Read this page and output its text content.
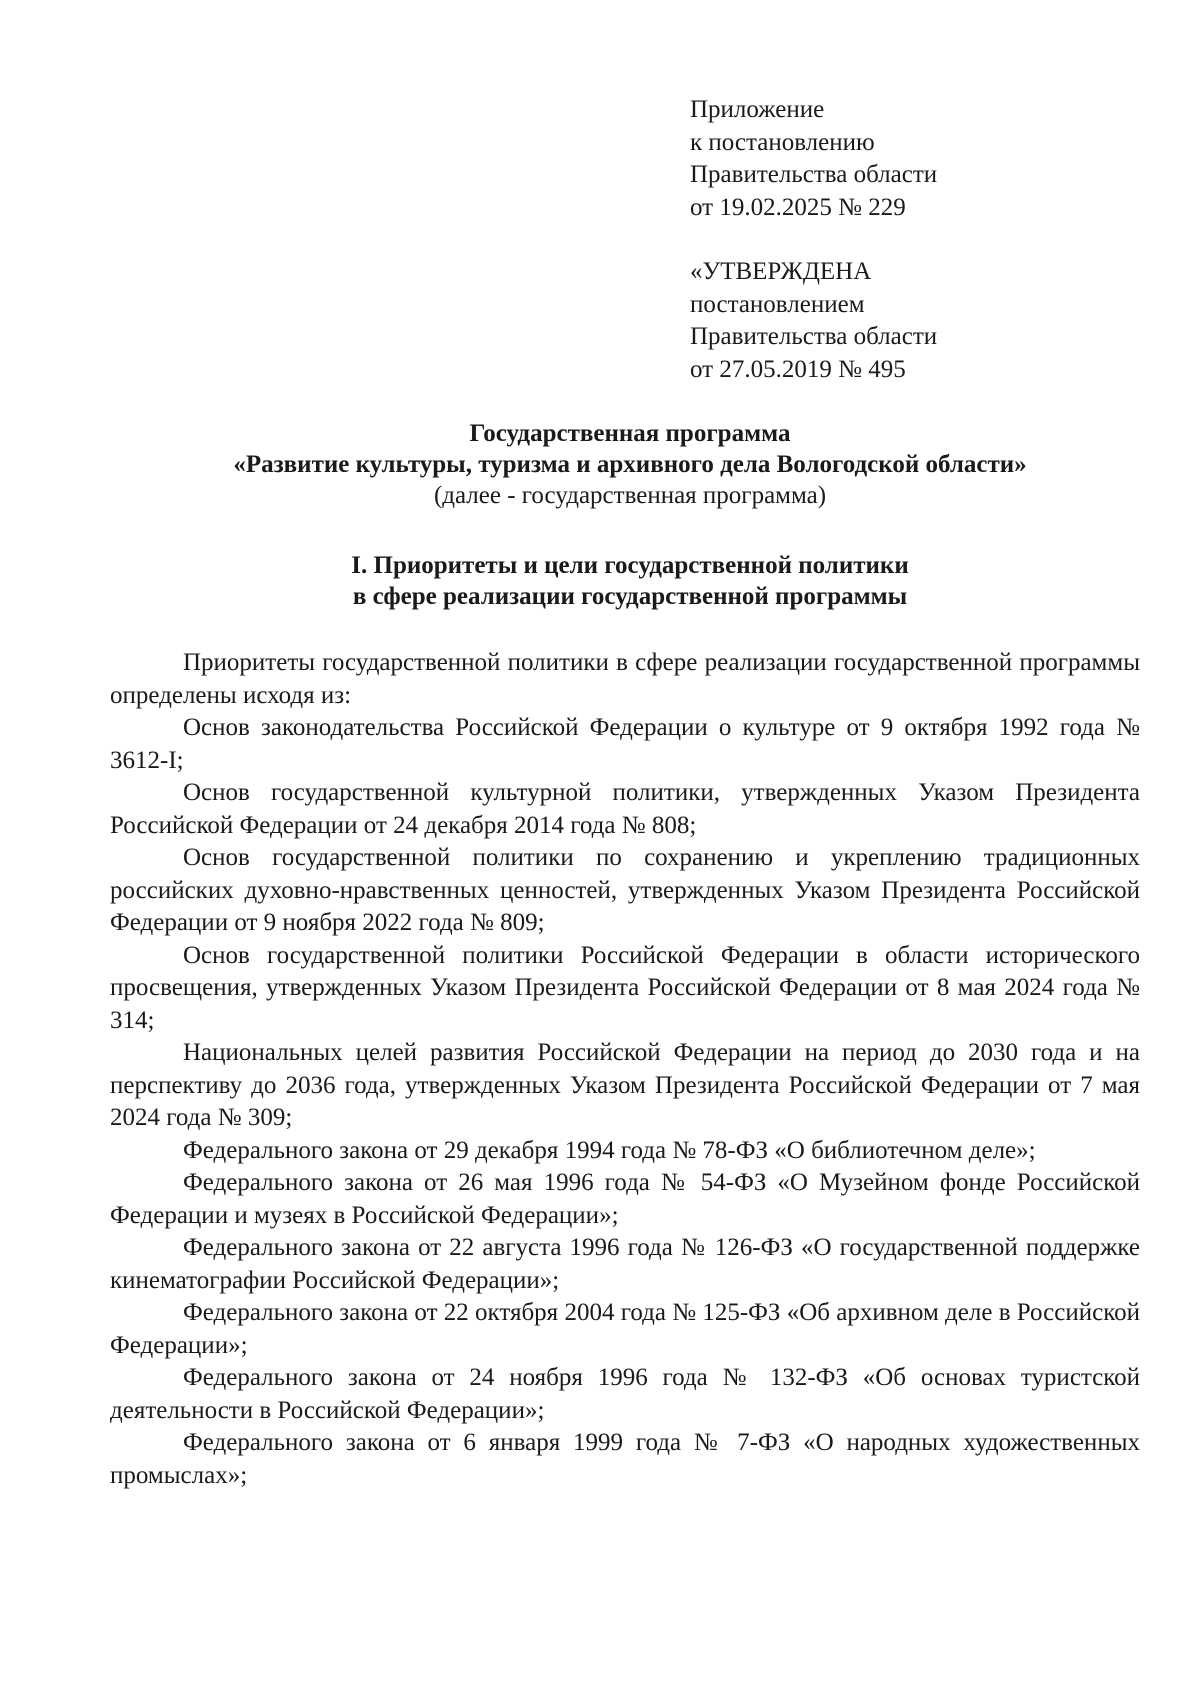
Приложение
к постановлению
Правительства области
от 19.02.2025 № 229
«УТВЕРЖДЕНА
постановлением
Правительства области
от 27.05.2019 № 495
Государственная программа
«Развитие культуры, туризма и архивного дела Вологодской области»
(далее - государственная программа)
I. Приоритеты и цели государственной политики
в сфере реализации государственной программы

Приоритеты государственной политики в сфере реализации государственной программы определены исходя из:

Основ законодательства Российской Федерации о культуре от 9 октября 1992 года № 3612-I;

Основ государственной культурной политики, утвержденных Указом Президента Российской Федерации от 24 декабря 2014 года № 808;

Основ государственной политики по сохранению и укреплению традиционных российских духовно-нравственных ценностей, утвержденных Указом Президента Российской Федерации от 9 ноября 2022 года № 809;

Основ государственной политики Российской Федерации в области исторического просвещения, утвержденных Указом Президента Российской Федерации от 8 мая 2024 года № 314;

Национальных целей развития Российской Федерации на период до 2030 года и на перспективу до 2036 года, утвержденных Указом Президента Российской Федерации от 7 мая 2024 года № 309;

Федерального закона от 29 декабря 1994 года № 78-ФЗ «О библиотечном деле»;

Федерального закона от 26 мая 1996 года № 54-ФЗ «О Музейном фонде Российской Федерации и музеях в Российской Федерации»;

Федерального закона от 22 августа 1996 года № 126-ФЗ «О государственной поддержке кинематографии Российской Федерации»;

Федерального закона от 22 октября 2004 года № 125-ФЗ «Об архивном деле в Российской Федерации»;

Федерального закона от 24 ноября 1996 года № 132-ФЗ «Об основах туристской деятельности в Российской Федерации»;

Федерального закона от 6 января 1999 года № 7-ФЗ «О народных художественных промыслах»;
